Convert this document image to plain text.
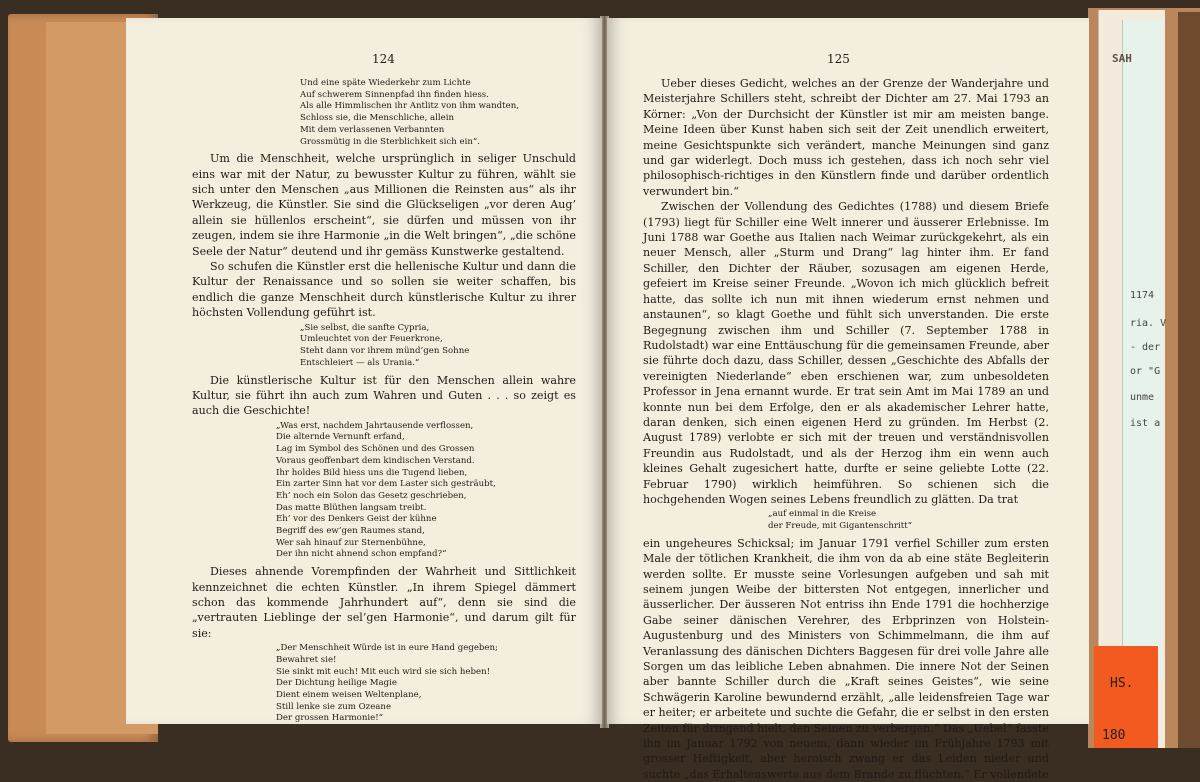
SAH
1174
ria. V
- der
or "G
unme
ist a
HS.
180
124
Und eine späte Wiederkehr zum Lichte
Auf schwerem Sinnenpfad ihn finden hiess.
Als alle Himmlischen ihr Antlitz von ihm wandten,
Schloss sie, die Menschliche, allein
Mit dem verlassenen Verbannten
Grossmütig in die Sterblichkeit sich ein“.

Um die Menschheit, welche ursprünglich in seliger Unschuld eins war mit der Natur, zu bewusster Kultur zu führen, wählt sie sich unter den Menschen „aus Millionen die Reinsten aus“ als ihr Werkzeug, die Künstler. Sie sind die Glückseligen „vor deren Aug’ allein sie hüllenlos erscheint“, sie dürfen und müssen von ihr zeugen, indem sie ihre Harmonie „in die Welt bringen“, „die schöne Seele der Natur“ deutend und ihr gemäss Kunstwerke gestaltend.

So schufen die Künstler erst die hellenische Kultur und dann die Kultur der Renaissance und so sollen sie weiter schaffen, bis endlich die ganze Menschheit durch künstlerische Kultur zu ihrer höchsten Vollendung geführt ist.

„Sie selbst, die sanfte Cypria,
Umleuchtet von der Feuerkrone,
Steht dann vor ihrem münd’gen Sohne
Entschleiert — als Urania.“

Die künstlerische Kultur ist für den Menschen allein wahre Kultur, sie führt ihn auch zum Wahren und Guten . . . so zeigt es auch die Geschichte!

„Was erst, nachdem Jahrtausende verflossen,
Die alternde Vernunft erfand,
Lag im Symbol des Schönen und des Grossen
Voraus geoffenbart dem kindischen Verstand.
Ihr holdes Bild hiess uns die Tugend lieben,
Ein zarter Sinn hat vor dem Laster sich gesträubt,
Eh’ noch ein Solon das Gesetz geschrieben,
Das matte Blüthen langsam treibt.
Eh’ vor des Denkers Geist der kühne
Begriff des ew’gen Raumes stand,
Wer sah hinauf zur Sternenbühne,
Der ihn nicht ahnend schon empfand?“

Dieses ahnende Vorempfinden der Wahrheit und Sittlichkeit kennzeichnet die echten Künstler. „In ihrem Spiegel dämmert schon das kommende Jahrhundert auf“, denn sie sind die „vertrauten Lieblinge der sel’gen Harmonie“, und darum gilt für sie:

„Der Menschheit Würde ist in eure Hand gegeben;
Bewahret sie!
Sie sinkt mit euch! Mit euch wird sie sich heben!
Der Dichtung heilige Magie
Dient einem weisen Weltenplane,
Still lenke sie zum Ozeane
Der grossen Harmonie!“
125

Ueber dieses Gedicht, welches an der Grenze der Wanderjahre und Meisterjahre Schillers steht, schreibt der Dichter am 27. Mai 1793 an Körner: „Von der Durchsicht der Künstler ist mir am meisten bange. Meine Ideen über Kunst haben sich seit der Zeit unendlich erweitert, meine Gesichtspunkte sich verändert, manche Meinungen sind ganz und gar widerlegt. Doch muss ich gestehen, dass ich noch sehr viel philosophisch-richtiges in den Künstlern finde und darüber ordentlich verwundert bin.“

Zwischen der Vollendung des Gedichtes (1788) und diesem Briefe (1793) liegt für Schiller eine Welt innerer und äusserer Erlebnisse. Im Juni 1788 war Goethe aus Italien nach Weimar zurückgekehrt, als ein neuer Mensch, aller „Sturm und Drang“ lag hinter ihm. Er fand Schiller, den Dichter der Räuber, sozusagen am eigenen Herde, gefeiert im Kreise seiner Freunde. „Wovon ich mich glücklich befreit hatte, das sollte ich nun mit ihnen wiederum ernst nehmen und anstaunen“, so klagt Goethe und fühlt sich unverstanden. Die erste Begegnung zwischen ihm und Schiller (7. September 1788 in Rudolstadt) war eine Enttäuschung für die gemeinsamen Freunde, aber sie führte doch dazu, dass Schiller, dessen „Geschichte des Abfalls der vereinigten Niederlande“ eben erschienen war, zum unbesoldeten Professor in Jena ernannt wurde. Er trat sein Amt im Mai 1789 an und konnte nun bei dem Erfolge, den er als akademischer Lehrer hatte, daran denken, sich einen eigenen Herd zu gründen. Im Herbst (2. August 1789) verlobte er sich mit der treuen und verständnisvollen Freundin aus Rudolstadt, und als der Herzog ihm ein wenn auch kleines Gehalt zugesichert hatte, durfte er seine geliebte Lotte (22. Februar 1790) wirklich heimführen. So schienen sich die hochgehenden Wogen seines Lebens freundlich zu glätten. Da trat

„auf einmal in die Kreise
der Freude, mit Gigantenschritt“

ein ungeheures Schicksal; im Januar 1791 verfiel Schiller zum ersten Male der tötlichen Krankheit, die ihm von da ab eine stäte Begleiterin werden sollte. Er musste seine Vorlesungen aufgeben und sah mit seinem jungen Weibe der bittersten Not entgegen, innerlicher und äusserlicher. Der äusseren Not entriss ihn Ende 1791 die hochherzige Gabe seiner dänischen Verehrer, des Erbprinzen von Holstein-Augustenburg und des Ministers von Schimmelmann, die ihm auf Veranlassung des dänischen Dichters Baggesen für drei volle Jahre alle Sorgen um das leibliche Leben abnahmen. Die innere Not der Seinen aber bannte Schiller durch die „Kraft seines Geistes“, wie seine Schwägerin Karoline bewundernd erzählt, „alle leidensfreien Tage war er heiter; er arbeitete und suchte die Gefahr, die er selbst in den ersten Zeiten für dringend hielt, den Seinen zu verbergen.“ Das „Uebel“ fasste ihn im Januar 1792 von neuem, dann wieder im Frühjahre 1793 mit grosser Heftigkeit, aber heroisch zwang er das Leiden nieder und suchte „das Erhaltenswerte aus dem Brande zu flüchten.“ Er vollendete
